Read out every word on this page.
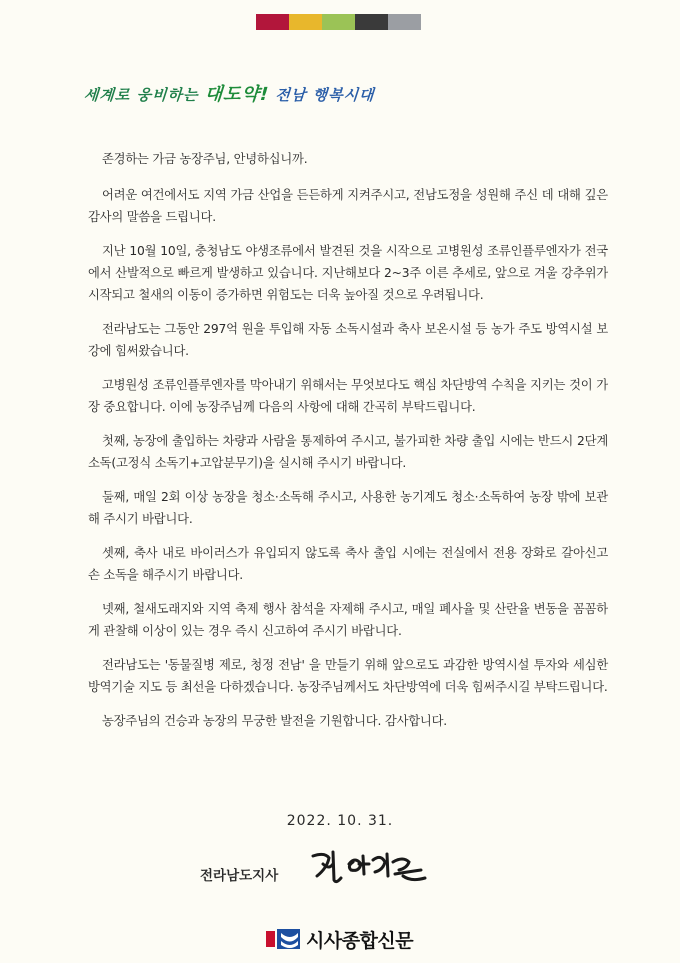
세계로 웅비하는 대도약! 전남 행복시대

존경하는 가금 농장주님, 안녕하십니까.

어려운 여건에서도 지역 가금 산업을 든든하게 지켜주시고, 전남도정을 성원해 주신 데 대해 깊은 감사의 말씀을 드립니다.

지난 10월 10일, 충청남도 야생조류에서 발견된 것을 시작으로 고병원성 조류인플루엔자가 전국에서 산발적으로 빠르게 발생하고 있습니다. 지난해보다 2~3주 이른 추세로, 앞으로 겨울 강추위가 시작되고 철새의 이동이 증가하면 위험도는 더욱 높아질 것으로 우려됩니다.

전라남도는 그동안 297억 원을 투입해 자동 소독시설과 축사 보온시설 등 농가 주도 방역시설 보강에 힘써왔습니다.

고병원성 조류인플루엔자를 막아내기 위해서는 무엇보다도 핵심 차단방역 수칙을 지키는 것이 가장 중요합니다. 이에 농장주님께 다음의 사항에 대해 간곡히 부탁드립니다.

첫째, 농장에 출입하는 차량과 사람을 통제하여 주시고, 불가피한 차량 출입 시에는 반드시 2단계 소독(고정식 소독기+고압분무기)을 실시해 주시기 바랍니다.

둘째, 매일 2회 이상 농장을 청소·소독해 주시고, 사용한 농기계도 청소·소독하여 농장 밖에 보관해 주시기 바랍니다.

셋째, 축사 내로 바이러스가 유입되지 않도록 축사 출입 시에는 전실에서 전용 장화로 갈아신고 손 소독을 해주시기 바랍니다.

넷째, 철새도래지와 지역 축제 행사 참석을 자제해 주시고, 매일 폐사율 및 산란율 변동을 꼼꼼하게 관찰해 이상이 있는 경우 즉시 신고하여 주시기 바랍니다.

전라남도는 '동물질병 제로, 청정 전남' 을 만들기 위해 앞으로도 과감한 방역시설 투자와 세심한 방역기술 지도 등 최선을 다하겠습니다. 농장주님께서도 차단방역에 더욱 힘써주시길 부탁드립니다.

농장주님의 건승과 농장의 무궁한 발전을 기원합니다. 감사합니다.

2022. 10. 31.
전라남도지사
시사종합신문
